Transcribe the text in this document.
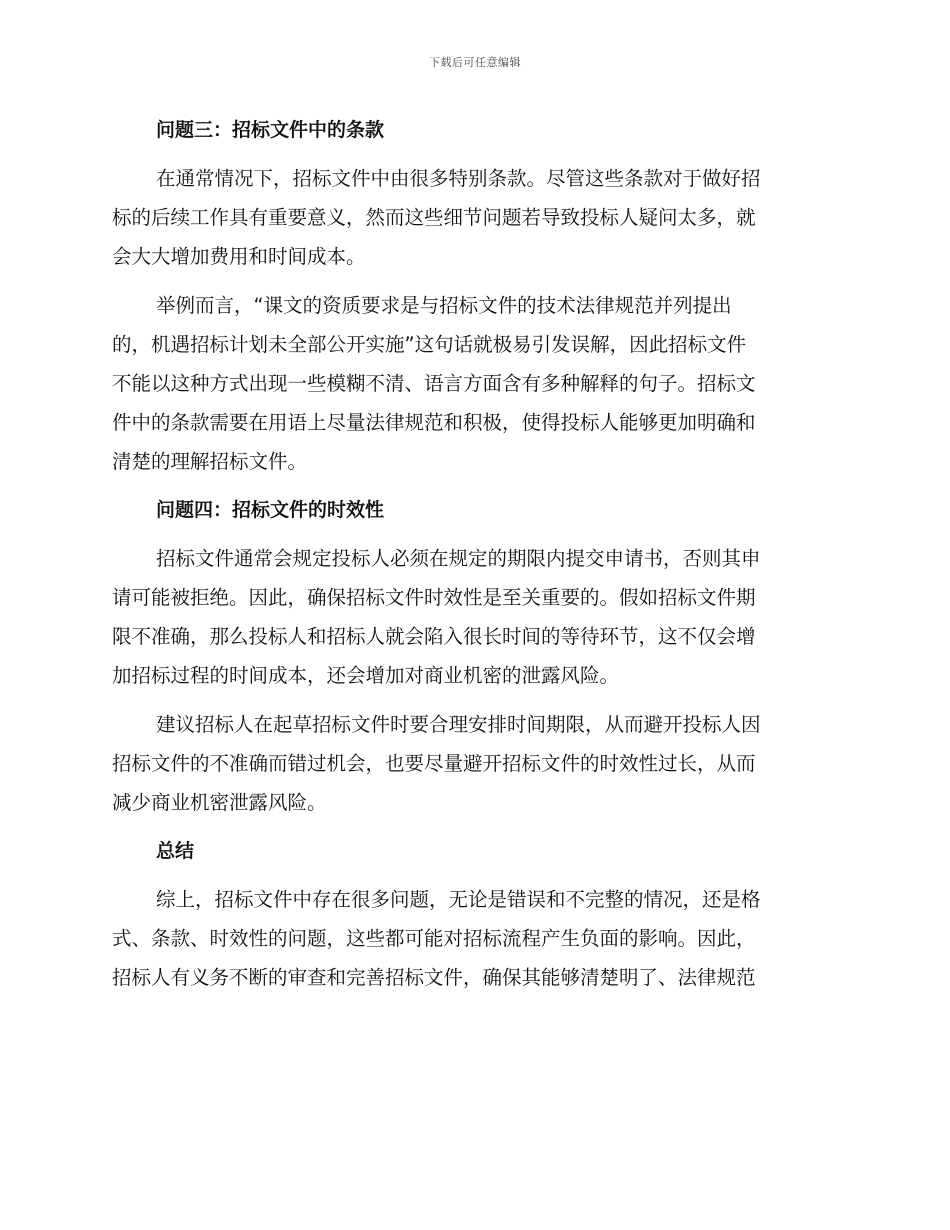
下载后可任意编辑
问题三：招标文件中的条款
在通常情况下，招标文件中由很多特别条款。尽管这些条款对于做好招
标的后续工作具有重要意义，然而这些细节问题若导致投标人疑问太多，就
会大大增加费用和时间成本。
举例而言，“课文的资质要求是与招标文件的技术法律规范并列提出
的，机遇招标计划未全部公开实施”这句话就极易引发误解，因此招标文件
不能以这种方式出现一些模糊不清、语言方面含有多种解释的句子。招标文
件中的条款需要在用语上尽量法律规范和积极，使得投标人能够更加明确和
清楚的理解招标文件。
问题四：招标文件的时效性
招标文件通常会规定投标人必须在规定的期限内提交申请书，否则其申
请可能被拒绝。因此，确保招标文件时效性是至关重要的。假如招标文件期
限不准确，那么投标人和招标人就会陷入很长时间的等待环节，这不仅会增
加招标过程的时间成本，还会增加对商业机密的泄露风险。
建议招标人在起草招标文件时要合理安排时间期限，从而避开投标人因
招标文件的不准确而错过机会，也要尽量避开招标文件的时效性过长，从而
减少商业机密泄露风险。
总结
综上，招标文件中存在很多问题，无论是错误和不完整的情况，还是格
式、条款、时效性的问题，这些都可能对招标流程产生负面的影响。因此，
招标人有义务不断的审查和完善招标文件，确保其能够清楚明了、法律规范
